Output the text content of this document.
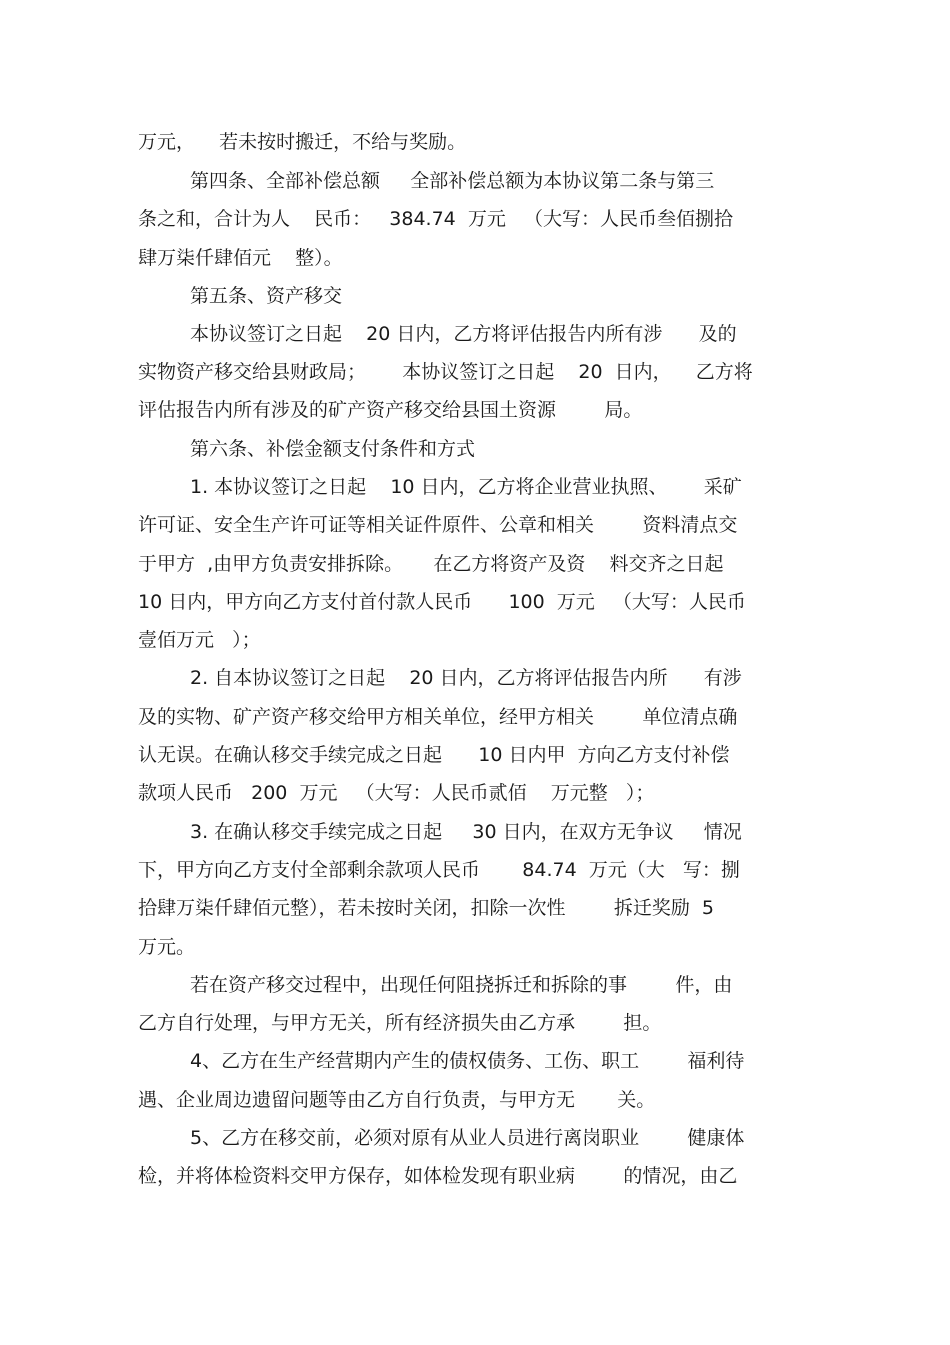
万元，    若未按时搬迁，不给与奖励。
第四条、全部补偿总额     全部补偿总额为本协议第二条与第三
条之和，合计为人    民币：   384.74  万元   （大写：人民币叁佰捌拾
肆万柒仟肆佰元    整）。
第五条、资产移交
本协议签订之日起    20 日内，乙方将评估报告内所有涉      及的
实物资产移交给县财政局；      本协议签订之日起    20  日内，    乙方将
评估报告内所有涉及的矿产资产移交给县国土资源        局。
第六条、补偿金额支付条件和方式
1. 本协议签订之日起    10 日内，乙方将企业营业执照、      采矿
许可证、安全生产许可证等相关证件原件、公章和相关        资料清点交
于甲方  ,由甲方负责安排拆除。     在乙方将资产及资    料交齐之日起
10 日内，甲方向乙方支付首付款人民币      100  万元   （大写：人民币
壹佰万元   ）；
2. 自本协议签订之日起    20 日内，乙方将评估报告内所      有涉
及的实物、矿产资产移交给甲方相关单位，经甲方相关        单位清点确
认无误。在确认移交手续完成之日起      10 日内甲  方向乙方支付补偿
款项人民币   200  万元   （大写：人民币贰佰    万元整   ）；
3. 在确认移交手续完成之日起     30 日内，在双方无争议     情况
下，甲方向乙方支付全部剩余款项人民币       84.74  万元（大   写：捌
拾肆万柒仟肆佰元整），若未按时关闭，扣除一次性        拆迁奖励  5
万元。
若在资产移交过程中，出现任何阻挠拆迁和拆除的事        件，由
乙方自行处理，与甲方无关，所有经济损失由乙方承        担。
4、乙方在生产经营期内产生的债权债务、工伤、职工        福利待
遇、企业周边遗留问题等由乙方自行负责，与甲方无       关。
5、乙方在移交前，必须对原有从业人员进行离岗职业        健康体
检，并将体检资料交甲方保存，如体检发现有职业病        的情况，由乙
